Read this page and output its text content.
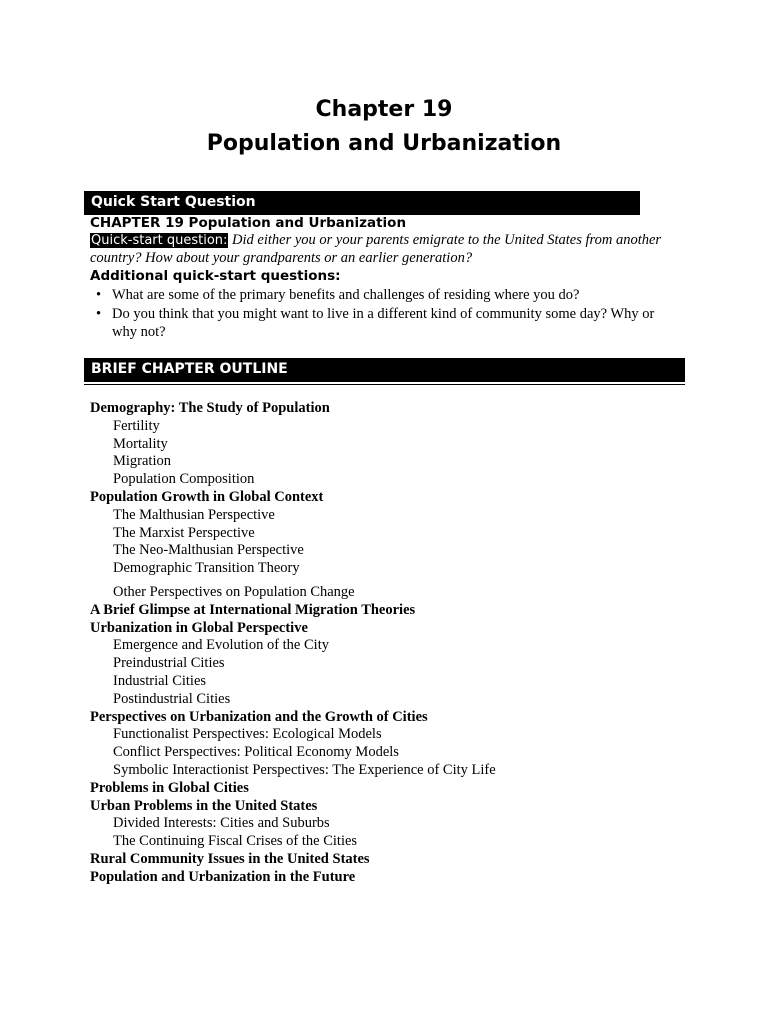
Chapter 19
Population and Urbanization
Quick Start Question
CHAPTER 19 Population and Urbanization
Quick-start question: Did either you or your parents emigrate to the United States from another country? How about your grandparents or an earlier generation?
Additional quick-start questions:
• What are some of the primary benefits and challenges of residing where you do?
• Do you think that you might want to live in a different kind of community some day? Why or why not?
BRIEF CHAPTER OUTLINE
Demography: The Study of Population
Fertility
Mortality
Migration
Population Composition
Population Growth in Global Context
The Malthusian Perspective
The Marxist Perspective
The Neo-Malthusian Perspective
Demographic Transition Theory
Other Perspectives on Population Change
A Brief Glimpse at International Migration Theories
Urbanization in Global Perspective
Emergence and Evolution of the City
Preindustrial Cities
Industrial Cities
Postindustrial Cities
Perspectives on Urbanization and the Growth of Cities
Functionalist Perspectives: Ecological Models
Conflict Perspectives: Political Economy Models
Symbolic Interactionist Perspectives: The Experience of City Life
Problems in Global Cities
Urban Problems in the United States
Divided Interests: Cities and Suburbs
The Continuing Fiscal Crises of the Cities
Rural Community Issues in the United States
Population and Urbanization in the Future
